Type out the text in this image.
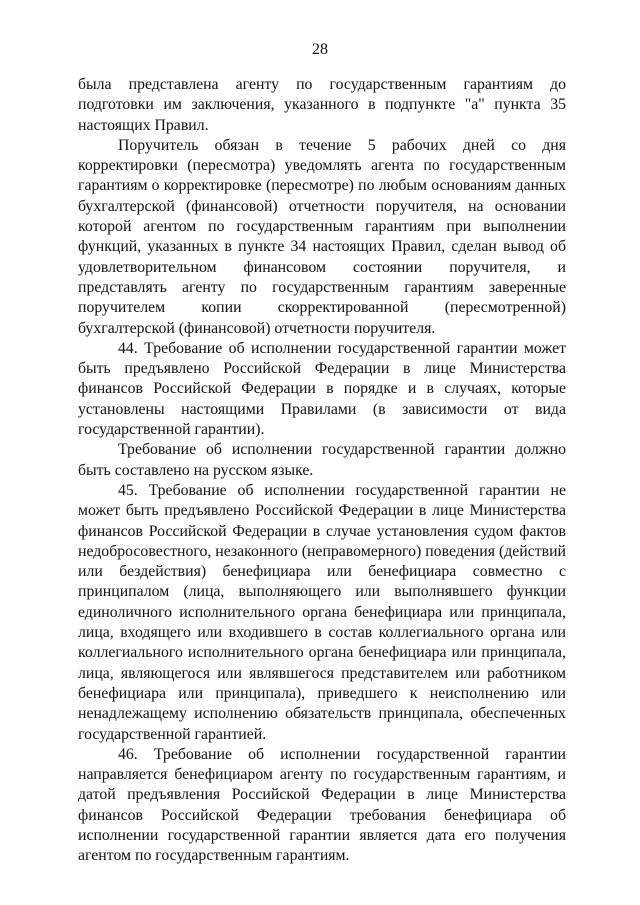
28

была представлена агенту по государственным гарантиям до подготовки им заключения, указанного в подпункте "а" пункта 35 настоящих Правил.

Поручитель обязан в течение 5 рабочих дней со дня корректировки (пересмотра) уведомлять агента по государственным гарантиям о корректировке (пересмотре) по любым основаниям данных бухгалтерской (финансовой) отчетности поручителя, на основании которой агентом по государственным гарантиям при выполнении функций, указанных в пункте 34 настоящих Правил, сделан вывод об удовлетворительном финансовом состоянии поручителя, и представлять агенту по государственным гарантиям заверенные поручителем копии скорректированной (пересмотренной) бухгалтерской (финансовой) отчетности поручителя.

44. Требование об исполнении государственной гарантии может быть предъявлено Российской Федерации в лице Министерства финансов Российской Федерации в порядке и в случаях, которые установлены настоящими Правилами (в зависимости от вида государственной гарантии).

Требование об исполнении государственной гарантии должно быть составлено на русском языке.

45. Требование об исполнении государственной гарантии не может быть предъявлено Российской Федерации в лице Министерства финансов Российской Федерации в случае установления судом фактов недобросовестного, незаконного (неправомерного) поведения (действий или бездействия) бенефициара или бенефициара совместно с принципалом (лица, выполняющего или выполнявшего функции единоличного исполнительного органа бенефициара или принципала, лица, входящего или входившего в состав коллегиального органа или коллегиального исполнительного органа бенефициара или принципала, лица, являющегося или являвшегося представителем или работником бенефициара или принципала), приведшего к неисполнению или ненадлежащему исполнению обязательств принципала, обеспеченных государственной гарантией.

46. Требование об исполнении государственной гарантии направляется бенефициаром агенту по государственным гарантиям, и датой предъявления Российской Федерации в лице Министерства финансов Российской Федерации требования бенефициара об исполнении государственной гарантии является дата его получения агентом по государственным гарантиям.
